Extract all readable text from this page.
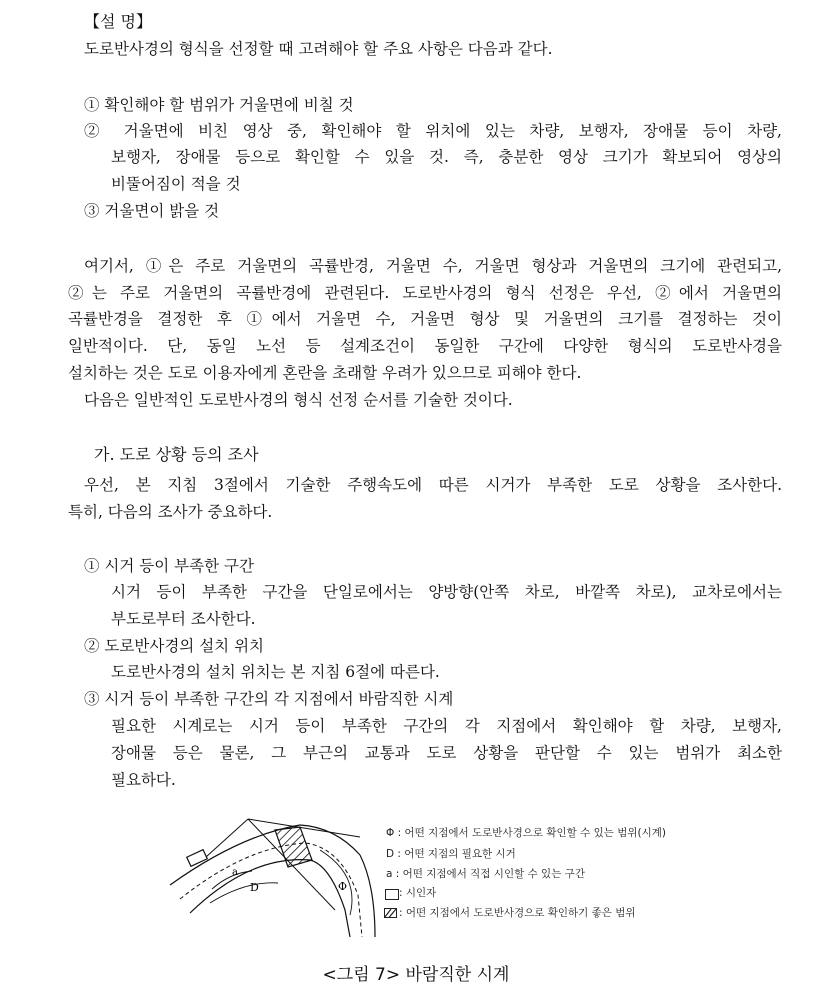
【설 명】
도로반사경의 형식을 선정할 때 고려해야 할 주요 사항은 다음과 같다.
① 확인해야 할 범위가 거울면에 비칠 것
② 거울면에 비친 영상 중, 확인해야 할 위치에 있는 차량, 보행자, 장애물 등이 차량,
보행자, 장애물 등으로 확인할 수 있을 것. 즉, 충분한 영상 크기가 확보되어 영상의
비뚤어짐이 적을 것
③ 거울면이 밝을 것
여기서, ①은 주로 거울면의 곡률반경, 거울면 수, 거울면 형상과 거울면의 크기에 관련되고,
②는 주로 거울면의 곡률반경에 관련된다. 도로반사경의 형식 선정은 우선, ②에서 거울면의
곡률반경을 결정한 후 ①에서 거울면 수, 거울면 형상 및 거울면의 크기를 결정하는 것이
일반적이다. 단, 동일 노선 등 설계조건이 동일한 구간에 다양한 형식의 도로반사경을
설치하는 것은 도로 이용자에게 혼란을 초래할 우려가 있으므로 피해야 한다.
다음은 일반적인 도로반사경의 형식 선정 순서를 기술한 것이다.
가. 도로 상황 등의 조사
우선, 본 지침 3절에서 기술한 주행속도에 따른 시거가 부족한 도로 상황을 조사한다.
특히, 다음의 조사가 중요하다.
① 시거 등이 부족한 구간
시거 등이 부족한 구간을 단일로에서는 양방향(안쪽 차로, 바깥쪽 차로), 교차로에서는
부도로부터 조사한다.
② 도로반사경의 설치 위치
도로반사경의 설치 위치는 본 지침 6절에 따른다.
③ 시거 등이 부족한 구간의 각 지점에서 바람직한 시계
필요한 시계로는 시거 등이 부족한 구간의 각 지점에서 확인해야 할 차량, 보행자,
장애물 등은 물론, 그 부근의 교통과 도로 상황을 판단할 수 있는 범위가 최소한
필요하다.
a
D	Φ
Φ : 어떤 지점에서 도로반사경으로 확인할 수 있는 범위(시계)
D : 어떤 지점의 필요한 시거
a : 어떤 지점에서 직접 시인할 수 있는 구간
: 시인자
: 어떤 지점에서 도로반사경으로 확인하기 좋은 범위
<그림 7> 바람직한 시계
